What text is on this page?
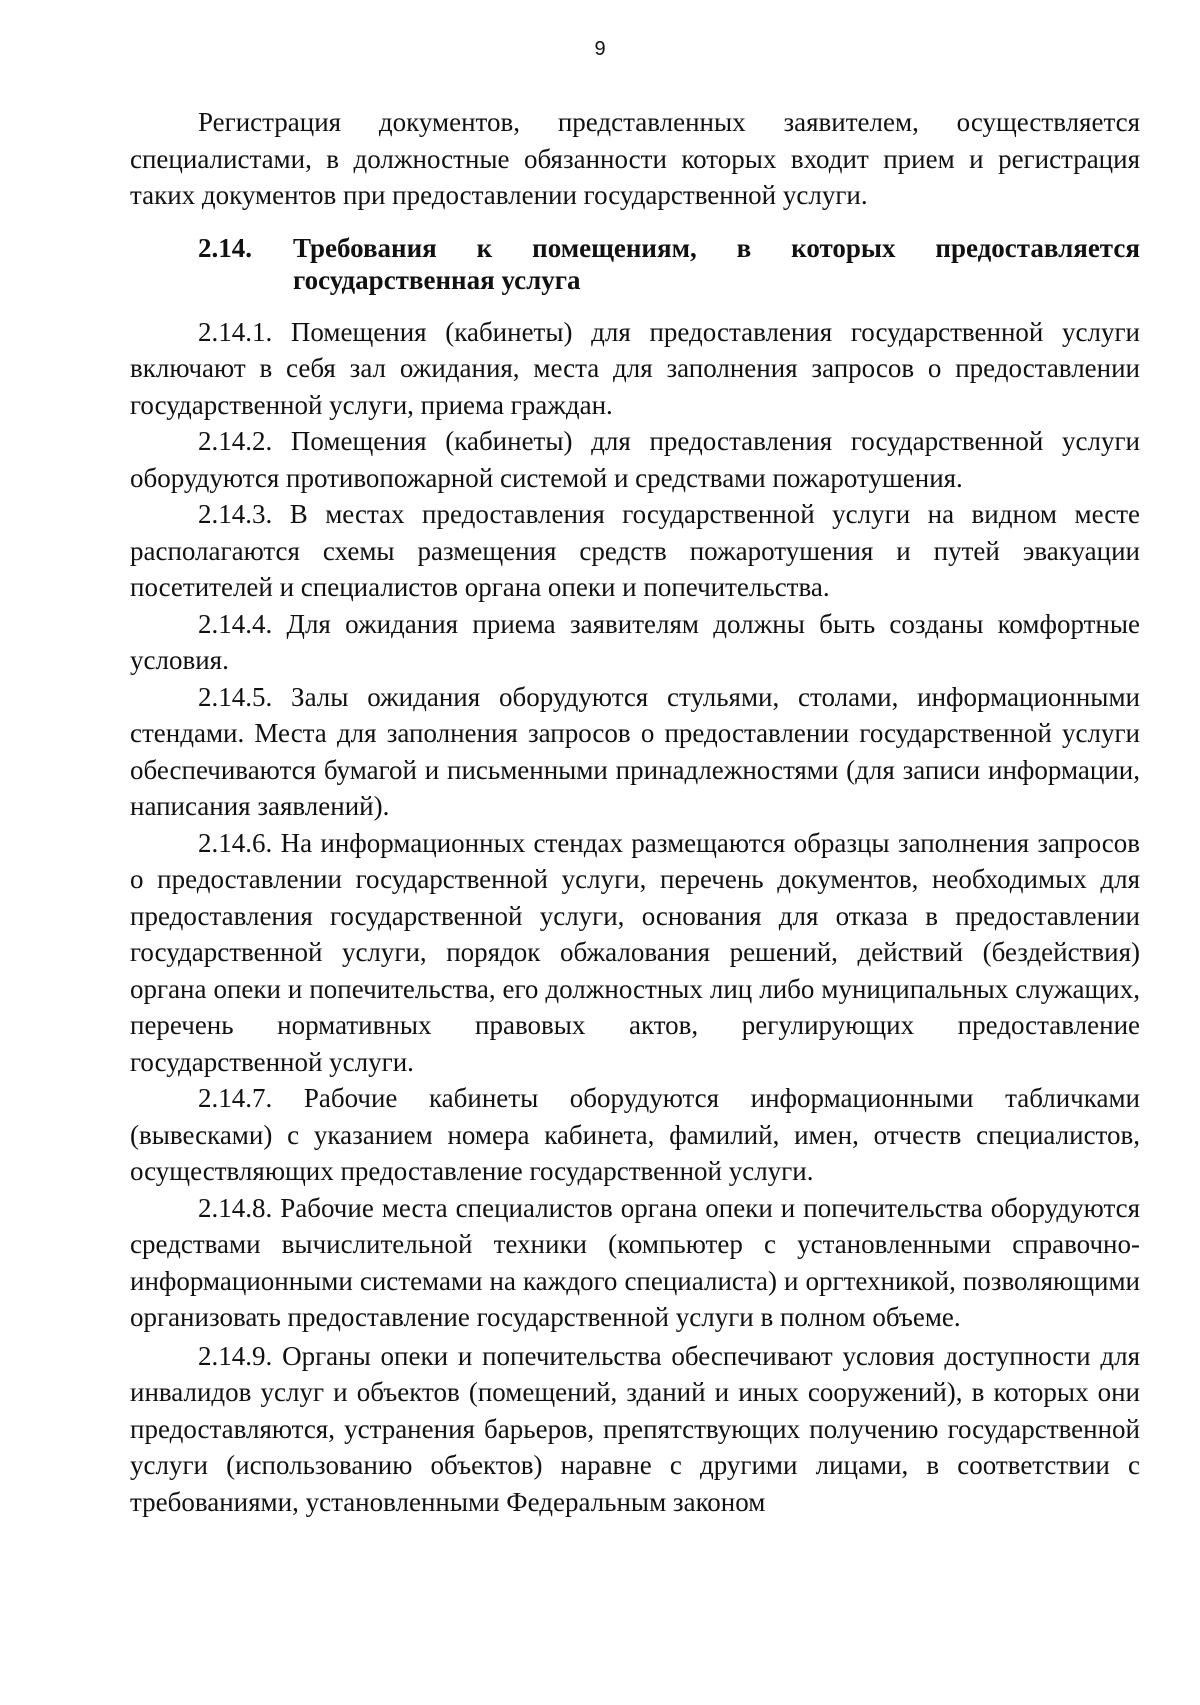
9

Регистрация документов, представленных заявителем, осуществляется специалистами, в должностные обязанности которых входит прием и регистрация таких документов при предоставлении государственной услуги.

2.14.	Требования к помещениям, в которых предоставляется
государственная услуга

2.14.1. Помещения (кабинеты) для предоставления государственной услуги включают в себя зал ожидания, места для заполнения запросов о предоставлении государственной услуги, приема граждан.

2.14.2. Помещения (кабинеты) для предоставления государственной услуги оборудуются противопожарной системой и средствами пожаротушения.

2.14.3. В местах предоставления государственной услуги на видном месте располагаются схемы размещения средств пожаротушения и путей эвакуации посетителей и специалистов органа опеки и попечительства.

2.14.4. Для ожидания приема заявителям должны быть созданы комфортные условия.

2.14.5. Залы ожидания оборудуются стульями, столами, информационными стендами. Места для заполнения запросов о предоставлении государственной услуги обеспечиваются бумагой и письменными принадлежностями (для записи информации, написания заявлений).

2.14.6. На информационных стендах размещаются образцы заполнения запросов о предоставлении государственной услуги, перечень документов, необходимых для предоставления государственной услуги, основания для отказа в предоставлении государственной услуги, порядок обжалования решений, действий (бездействия) органа опеки и попечительства, его должностных лиц либо муниципальных служащих, перечень нормативных правовых актов, регулирующих предоставление государственной услуги.

2.14.7. Рабочие кабинеты оборудуются информационными табличками (вывесками) с указанием номера кабинета, фамилий, имен, отчеств специалистов, осуществляющих предоставление государственной услуги.

2.14.8. Рабочие места специалистов органа опеки и попечительства оборудуются средствами вычислительной техники (компьютер с установленными справочно-информационными системами на каждого специалиста) и оргтехникой, позволяющими организовать предоставление государственной услуги в полном объеме.

2.14.9. Органы опеки и попечительства обеспечивают условия доступности для инвалидов услуг и объектов (помещений, зданий и иных сооружений), в которых они предоставляются, устранения барьеров, препятствующих получению государственной услуги (использованию объектов) наравне с другими лицами, в соответствии с требованиями, установленными Федеральным законом
